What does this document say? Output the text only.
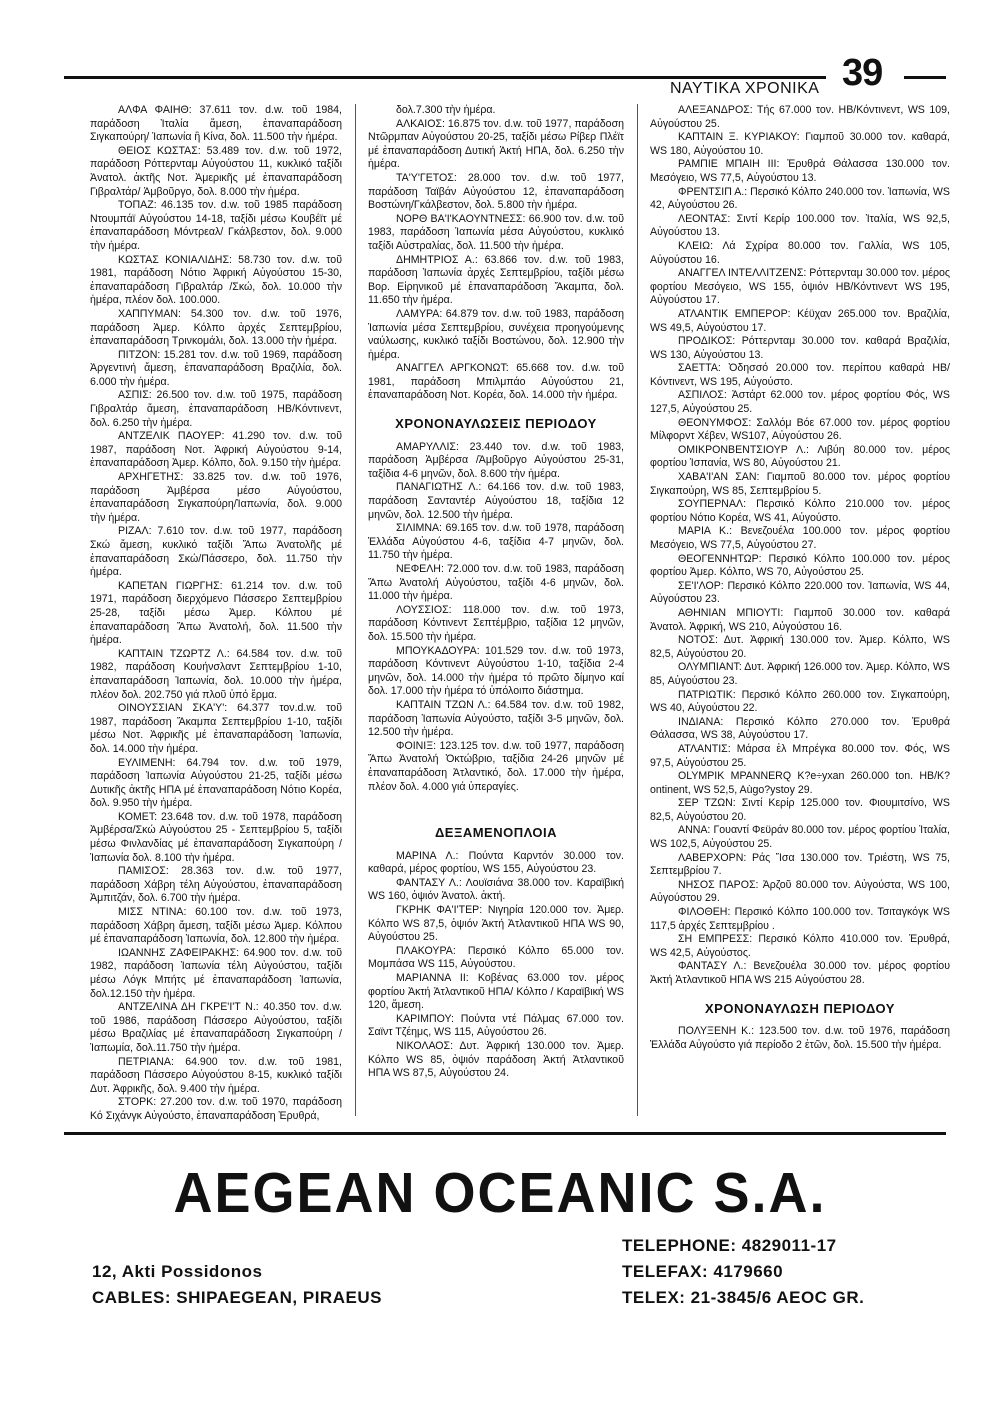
39
ΝΑΥΤΙΚΑ ΧΡΟΝΙΚΑ

ΑΛΦΑ ΦΑΙΗΘ: 37.611 τον. d.w. τοῦ 1984, παράδοση Ἰταλία ἄμεση, ἐπαναπαράδοση Σιγκαπούρη/ Ἰαπωνία ἢ Κίνα, δολ. 11.500 τὴν ἡμέρα.

ΘΕΙΟΣ ΚΩΣΤΑΣ: 53.489 τον. d.w. τοῦ 1972, παράδοση Ρόττερνταμ Αὐγούστου 11, κυκλικό ταξίδι Ἀνατολ. ἀκτῆς Νοτ. Ἀμερικῆς μέ ἐπαναπαράδοση Γιβραλτάρ/ Ἀμβοῦργο, δολ. 8.000 τὴν ἡμέρα.

ΤΟΠΑΖ: 46.135 τον. d.w. τοῦ 1985 παράδοση Ντουμπάϊ Αὐγούστου 14-18, ταξίδι μέσω Κουβέϊτ μέ ἐπαναπαράδοση Μόντρεαλ/ Γκάλβεστον, δολ. 9.000 τὴν ἡμέρα.

ΚΩΣΤΑΣ ΚΟΝΙΑΛΙΔΗΣ: 58.730 τον. d.w. τοῦ 1981, παράδοση Νότιο Ἀφρική Αὐγούστου 15-30, ἐπαναπαράδοση Γιβραλτάρ /Σκώ, δολ. 10.000 τὴν ἡμέρα, πλέον δολ. 100.000.

ΧΑΠΠΥΜΑΝ: 54.300 τον. d.w. τοῦ 1976, παράδοση Ἀμερ. Κόλπο ἀρχές Σεπτεμβρίου, ἐπαναπαράδοση Τρινκομάλι, δολ. 13.000 τὴν ἡμέρα.

ΠΙΤΖΟΝ: 15.281 τον. d.w. τοῦ 1969, παράδοση Ἀργεντινή ἄμεση, ἐπαναπαράδοση Βραζιλία, δολ. 6.000 τὴν ἡμέρα.

ΑΣΠΙΣ: 26.500 τον. d.w. τοῦ 1975, παράδοση Γιβραλτάρ ἄμεση, ἐπαναπαράδοση ΗΒ/Κόντινεντ, δολ. 6.250 τὴν ἡμέρα.

ΑΝΤΖΕΛΙΚ ΠΑΟΥΕΡ: 41.290 τον. d.w. τοῦ 1987, παράδοση Νοτ. Ἀφρική Αὐγούστου 9-14, ἐπαναπαράδοση Ἀμερ. Κόλπο, δολ. 9.150 τὴν ἡμέρα.

ΑΡΧΗΓΕΤΗΣ: 33.825 τον. d.w. τοῦ 1976, παράδοση Ἀμβέρσα μέσο Αὐγούστου, ἐπαναπαράδοση Σιγκαπούρη/Ἰαπωνία, δολ. 9.000 τὴν ἡμέρα.

ΡΙΖΑΛ: 7.610 τον. d.w. τοῦ 1977, παράδοση Σκώ ἄμεση, κυκλικό ταξίδι Ἄπω Ἀνατολῆς μέ ἐπαναπαράδοση Σκώ/Πάσσερο, δολ. 11.750 τὴν ἡμέρα.

ΚΑΠΕΤΑΝ ΓΙΩΡΓΗΣ: 61.214 τον. d.w. τοῦ 1971, παράδοση διερχόμενο Πάσσερο Σεπτεμβρίου 25-28, ταξίδι μέσω Ἀμερ. Κόλπου μέ ἐπαναπαράδοση Ἄπω Ἀνατολή, δολ. 11.500 τὴν ἡμέρα.

ΚΑΠΤΑΙΝ ΤΖΩΡΤΖ Λ.: 64.584 τον. d.w. τοῦ 1982, παράδοση Κουήνσλαντ Σεπτεμβρίου 1-10, ἐπαναπαράδοση Ἰαπωνία, δολ. 10.000 τὴν ἡμέρα, πλέον δολ. 202.750 γιά πλοῦ ὑπό ἕρμα.

ΟΙΝΟΥΣΣΙΑΝ ΣΚΑ'Υ': 64.377 τον.d.w. τοῦ 1987, παράδοση Ἄκαμπα Σεπτεμβρίου 1-10, ταξίδι μέσω Νοτ. Ἀφρικῆς μέ ἐπαναπαράδοση Ἰαπωνία, δολ. 14.000 τὴν ἡμέρα.

ΕΥΛΙΜΕΝΗ: 64.794 τον. d.w. τοῦ 1979, παράδοση Ἰαπωνία Αὐγούστου 21-25, ταξίδι μέσω Δυτικῆς ἀκτῆς ΗΠΑ μέ ἐπαναπαράδοση Νότιο Κορέα, δολ. 9.950 τὴν ἡμέρα.

ΚΟΜΕΤ: 23.648 τον. d.w. τοῦ 1978, παράδοση Ἀμβέρσα/Σκώ Αὐγούστου 25 - Σεπτεμβρίου 5, ταξίδι μέσω Φινλανδίας μέ ἐπαναπαράδοση Σιγκαπούρη / Ἰαπωνία δολ. 8.100 τὴν ἡμέρα.

ΠΑΜΙΣΟΣ: 28.363 τον. d.w. τοῦ 1977, παράδοση Χάβρη τέλη Αὐγούστου, ἐπαναπαράδοση Ἀμπιτζάν, δολ. 6.700 τὴν ἡμέρα.

ΜΙΣΣ ΝΤΙΝΑ: 60.100 τον. d.w. τοῦ 1973, παράδοση Χάβρη ἄμεση, ταξίδι μέσω Ἀμερ. Κόλπου μέ ἐπαναπαράδοση Ἰαπωνία, δολ. 12.800 τὴν ἡμέρα.

ΙΩΑΝΝΗΣ ΖΑΦΕΙΡΑΚΗΣ: 64.900 τον. d.w. τοῦ 1982, παράδοση Ἰαπωνία τέλη Αὐγούστου, ταξίδι μέσω Λόγκ Μπήτς μέ ἐπαναπαράδοση Ἰαπωνία, δολ.12.150 τὴν ἡμέρα.

ΑΝΤΖΕΛΙΝΑ ΔΗ ΓΚΡΕ'Ι'Τ Ν.: 40.350 τον. d.w. τοῦ 1986, παράδοση Πάσσερο Αὐγούστου, ταξίδι μέσω Βραζιλίας μέ ἐπαναπαράδοση Σιγκαπούρη /Ἰαπωμία, δολ.11.750 τὴν ἡμέρα.

ΠΕΤΡΙΑΝΑ: 64.900 τον. d.w. τοῦ 1981, παράδοση Πάσσερο Αὐγούστου 8-15, κυκλικό ταξίδι Δυτ. Ἀφρικῆς, δολ. 9.400 τὴν ἡμέρα.

ΣΤΟΡΚ: 27.200 τον. d.w. τοῦ 1970, παράδοση Κό Σιχάνγκ Αὐγούστο, ἐπαναπαράδοση Ἐρυθρά,

δολ.7.300 τὴν ἡμέρα.

ΑΛΚΑΙΟΣ: 16.875 τον. d.w. τοῦ 1977, παράδοση Ντῶρμπαν Αὐγούστου 20-25, ταξίδι μέσω Ρίβερ Πλέϊτ μέ ἐπαναπαράδοση Δυτική Ἀκτή ΗΠΑ, δολ. 6.250 τὴν ἡμέρα.

ΤΑ'Υ'ΓΕΤΟΣ: 28.000 τον. d.w. τοῦ 1977, παράδοση Ταϊβάν Αὐγούστου 12, ἐπαναπαράδοση Βοστώνη/Γκάλβεστον, δολ. 5.800 τὴν ἡμέρα.

ΝΟΡΘ ΒΑ'Ι'ΚΑΟΥΝΤΝΕΣΣ: 66.900 τον. d.w. τοῦ 1983, παράδοση Ἰαπωνία μέσα Αὐγούστου, κυκλικό ταξίδι Αὐστραλίας, δολ. 11.500 τὴν ἡμέρα.

ΔΗΜΗΤΡΙΟΣ Α.: 63.866 τον. d.w. τοῦ 1983, παράδοση Ἰαπωνία ἀρχές Σεπτεμβρίου, ταξίδι μέσω Βορ. Εἰρηνικοῦ μέ ἐπαναπαράδοση Ἄκαμπα, δολ. 11.650 τὴν ἡμέρα.

ΛΑΜΥΡΑ: 64.879 τον. d.w. τοῦ 1983, παράδοση Ἰαπωνία μέσα Σεπτεμβρίου, συνέχεια προηγούμενης ναύλωσης, κυκλικό ταξίδι Βοστώνου, δολ. 12.900 τὴν ἡμέρα.

ΑΝΑΓΓΕΛ ΑΡΓΚΟΝΩΤ: 65.668 τον. d.w. τοῦ 1981, παράδοση Μπιλμπάο Αὐγούστου 21, ἐπαναπαράδοση Νοτ. Κορέα, δολ. 14.000 τὴν ἡμέρα.

ΧΡΟΝΟΝΑΥΛΩΣΕΙΣ ΠΕΡΙΟΔΟΥ

ΑΜΑΡΥΛΛΙΣ: 23.440 τον. d.w. τοῦ 1983, παράδοση Ἀμβέρσα /Ἀμβοῦργο Αὐγούστου 25-31, ταξίδια 4-6 μηνῶν, δολ. 8.600 τὴν ἡμέρα.

ΠΑΝΑΓΙΩΤΗΣ Λ.: 64.166 τον. d.w. τοῦ 1983, παράδοση Σανταντέρ Αὐγούστου 18, ταξίδια 12 μηνῶν, δολ. 12.500 τὴν ἡμέρα.

ΣΙΛΙΜΝΑ: 69.165 τον. d.w. τοῦ 1978, παράδοση Ἑλλάδα Αὐγούστου 4-6, ταξίδια 4-7 μηνῶν, δολ. 11.750 τὴν ἡμέρα.

ΝΕΦΕΛΗ: 72.000 τον. d.w. τοῦ 1983, παράδοση Ἄπω Ἀνατολή Αὐγούστου, ταξίδι 4-6 μηνῶν, δολ. 11.000 τὴν ἡμέρα.

ΛΟΥΣΣΙΟΣ: 118.000 τον. d.w. τοῦ 1973, παράδοση Κόντινεντ Σεπτέμβριο, ταξίδια 12 μηνῶν, δολ. 15.500 τὴν ἡμέρα.

ΜΠΟΥΚΑΔΟΥΡΑ: 101.529 τον. d.w. τοῦ 1973, παράδοση Κόντινεντ Αὐγούστου 1-10, ταξίδια 2-4 μηνῶν, δολ. 14.000 τὴν ἡμέρα τό πρῶτο δίμηνο καί δολ. 17.000 τὴν ἡμέρα τό ὑπόλοιπο διάστημα.

ΚΑΠΤΑΙΝ ΤΖΩΝ Λ.: 64.584 τον. d.w. τοῦ 1982, παράδοση Ἰαπωνία Αὐγούστο, ταξίδι 3-5 μηνῶν, δολ. 12.500 τὴν ἡμέρα.

ΦΟΙΝΙΞ: 123.125 τον. d.w. τοῦ 1977, παράδοση Ἄπω Ἀνατολή Ὀκτώβριο, ταξίδια 24-26 μηνῶν μέ ἐπαναπαράδοση Ἀτλαντικό, δολ. 17.000 τὴν ἡμέρα, πλέον δολ. 4.000 γιά ὑπεραγίες.

ΔΕΞΑΜΕΝΟΠΛΟΙΑ

ΜΑΡΙΝΑ Λ.: Πούντα Καρντόν 30.000 τον. καθαρά, μέρος φορτίου, WS 155, Αὐγούστου 23.

ΦΑΝΤΑΣΥ Λ.: Λουϊσιάνα 38.000 τον. Καραϊβική WS 160, ὀψιόν Ἀνατολ. ἀκτή.

ΓΚΡΗΚ ΦΑ'Ι'ΤΕΡ: Νιγηρία 120.000 τον. Ἀμερ. Κόλπο WS 87,5, ὀψιόν Ἀκτή Ἀτλαντικοῦ ΗΠΑ WS 90, Αὐγούστου 25.

ΠΛΑΚΟΥΡΑ: Περσικό Κόλπο 65.000 τον. Μομπάσα WS 115, Αὐγούστου.

ΜΑΡΙΑΝΝΑ ΙΙ: Κοβένας 63.000 τον. μέρος φορτίου Ἀκτή Ἀτλαντικοῦ ΗΠΑ/ Κόλπο / Καραϊβική WS 120, ἄμεση.

ΚΑΡΙΜΠΟΥ: Πούντα ντέ Πάλμας 67.000 τον. Σαϊντ Τζέημς, WS 115, Αὐγούστου 26.

ΝΙΚΟΛΑΟΣ: Δυτ. Ἀφρική 130.000 τον. Ἀμερ. Κόλπο WS 85, ὀψιόν παράδοση Ἀκτή Ἀτλαντικοῦ ΗΠΑ WS 87,5, Αὐγούστου 24.

ΑΛΕΞΑΝΔΡΟΣ: Τής 67.000 τον. ΗΒ/Κόντινεντ, WS 109, Αὐγούστου 25.

ΚΑΠΤΑΙΝ Ξ. ΚΥΡΙΑΚΟΥ: Γιαμποῦ 30.000 τον. καθαρά, WS 180, Αὐγούστου 10.

ΡΑΜΠΙΕ ΜΠΑΙΗ ΙΙΙ: Ἐρυθρά Θάλασσα 130.000 τον. Μεσόγειο, WS 77,5, Αὐγούστου 13.

ΦΡΕΝΤΣΙΠ Α.: Περσικό Κόλπο 240.000 τον. Ἰαπωνία, WS 42, Αὐγούστου 26.

ΛΕΟΝΤΑΣ: Σιντί Κερίρ 100.000 τον. Ἰταλία, WS 92,5, Αὐγούστου 13.

ΚΛΕΙΩ: Λά Σχρίρα 80.000 τον. Γαλλία, WS 105, Αὐγούστου 16.

ΑΝΑΓΓΕΛ ΙΝΤΕΛΛΙΤΖΕΝΣ: Ρόττερνταμ 30.000 τον. μέρος φορτίου Μεσόγειο, WS 155, ὀψιόν ΗΒ/Κόντινεντ WS 195, Αὐγούστου 17.

ΑΤΛΑΝΤΙΚ ΕΜΠΕΡΟΡ: Κέϋχαν 265.000 τον. Βραζιλία, WS 49,5, Αὐγούστου 17.

ΠΡΟΔΙΚΟΣ: Ρόττερνταμ 30.000 τον. καθαρά Βραζιλία, WS 130, Αὐγούστου 13.

ΣΑΕΤΤΑ: Ὀδησσό 20.000 τον. περίπου καθαρά ΗΒ/Κόντινεντ, WS 195, Αὐγούστο.

ΑΣΠΙΛΟΣ: Ἀστάρτ 62.000 τον. μέρος φορτίου Φός, WS 127,5, Αὐγούστου 25.

ΘΕΟΝΥΜΦΟΣ: Σαλλόμ Βόε 67.000 τον. μέρος φορτίου Μίλφορντ Χέβεν, WS107, Αὐγούστου 26.

ΟΜΙΚΡΟΝΒΕΝΤΣΙΟΥΡ Λ.: Λιβύη 80.000 τον. μέρος φορτίου Ἰσπανία, WS 80, Αὐγούστου 21.

ΧΑΒΑ'Ι'ΑΝ ΣΑΝ: Γιαμποῦ 80.000 τον. μέρος φορτίου Σιγκαπούρη, WS 85, Σεπτεμβρίου 5.

ΣΟΥΠΕΡΝΑΛ: Περσικό Κόλπο 210.000 τον. μέρος φορτίου Νότιο Κορέα, WS 41, Αὐγούστο.

ΜΑΡΙΑ Κ.: Βενεζουέλα 100.000 τον. μέρος φορτίου Μεσόγειο, WS 77,5, Αὐγούστου 27.

ΘΕΟΓΕΝΝΗΤΩΡ: Περσικό Κόλπο 100.000 τον. μέρος φορτίου Ἀμερ. Κόλπο, WS 70, Αὐγούστου 25.

ΣΕ'Ι'ΛΟΡ: Περσικό Κόλπο 220.000 τον. Ἰαπωνία, WS 44, Αὐγούστου 23.

ΑΘΗΝΙΑΝ ΜΠΙΟΥΤΙ: Γιαμποῦ 30.000 τον. καθαρά Ἀνατολ. Ἀφρική, WS 210, Αὐγούστου 16.

ΝΟΤΟΣ: Δυτ. Ἀφρική 130.000 τον. Ἀμερ. Κόλπο, WS 82,5, Αὐγούστου 20.

ΟΛΥΜΠΙΑΝΤ: Δυτ. Ἀφρική 126.000 τον. Ἀμερ. Κόλπο, WS 85, Αὐγούστου 23.

ΠΑΤΡΙΩΤΙΚ: Περσικό Κόλπο 260.000 τον. Σιγκαπούρη, WS 40, Αὐγούστου 22.

ΙΝΔΙΑΝΑ: Περσικό Κόλπο 270.000 τον. Ἐρυθρά Θάλασσα, WS 38, Αὐγούστου 17.

ΑΤΛΑΝΤΙΣ: Μάρσα ἐλ Μπρέγκα 80.000 τον. Φός, WS 97,5, Αὐγούστου 25.

OLYMPIK MPANNERQ K?e÷yxan 260.000 ton. HB/K?ontinent, WS 52,5, Aùgo?ystoy 29.

ΣΕΡ ΤΖΩΝ: Σιντί Κερίρ 125.000 τον. Φιουμιτσίνο, WS 82,5, Αὐγούστου 20.

ΑΝΝΑ: Γουαντί Φεϋράν 80.000 τον. μέρος φορτίου Ἰταλία, WS 102,5, Αὐγούστου 25.

ΛΑΒΕΡΧΟΡΝ: Ράς Ἴσα 130.000 τον. Τριέστη, WS 75, Σεπτεμβρίου 7.

ΝΗΣΟΣ ΠΑΡΟΣ: Ἀρζοῦ 80.000 τον. Αὐγούστα, WS 100, Αὐγούστου 29.

ΦΙΛΟΘΕΗ: Περσικό Κόλπο 100.000 τον. Τσιταγκόγκ WS 117,5 ἀρχές Σεπτεμβρίου .

ΣΗ ΕΜΠΡΕΣΣ: Περσικό Κόλπο 410.000 τον. Ἐρυθρά, WS 42,5, Αὐγούστος.

ΦΑΝΤΑΣΥ Λ.: Βενεζουέλα 30.000 τον. μέρος φορτίου Ἀκτή Ἀτλαντικοῦ ΗΠΑ WS 215 Αὐγούστου 28.

ΧΡΟΝΟΝΑΥΛΩΣΗ ΠΕΡΙΟΔΟΥ

ΠΟΛΥΞΕΝΗ Κ.: 123.500 τον. d.w. τοῦ 1976, παράδοση Ἑλλάδα Αὐγούστο γιά περίοδο 2 ἐτῶν, δολ. 15.500 τὴν ἡμέρα.

AEGEAN OCEANIC S.A.
12, Akti Possidonos
CABLES: SHIPAEGEAN, PIRAEUS
TELEPHONE: 4829011-17
TELEFAX: 4179660
TELEX: 21-3845/6 AEOC GR.
